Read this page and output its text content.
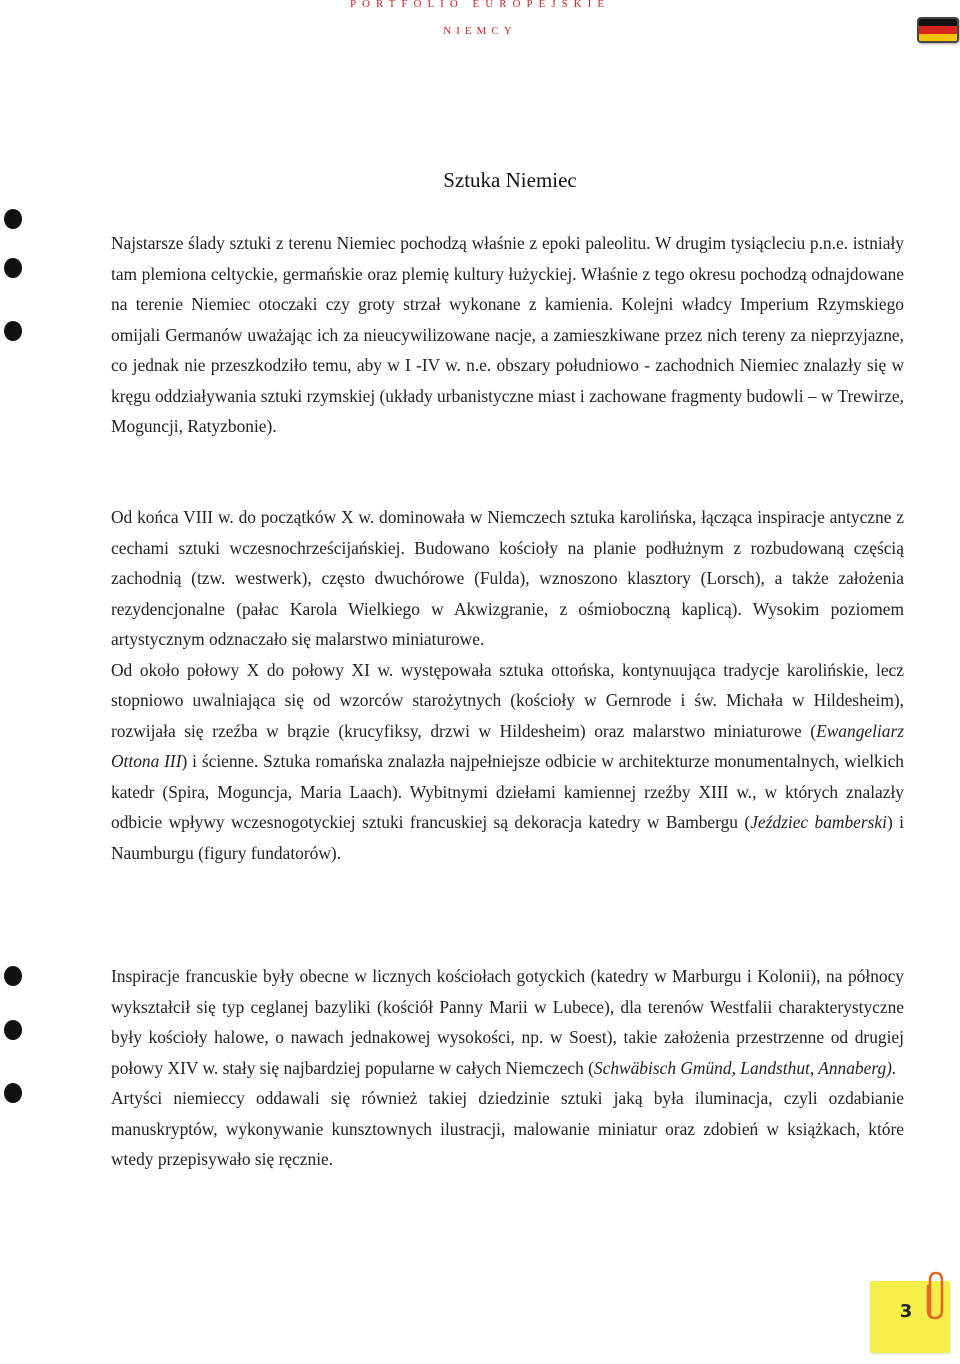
PORTFOLIO EUROPEJSKIE
NIEMCY
Sztuka Niemiec

Najstarsze ślady sztuki z terenu Niemiec pochodzą właśnie z epoki paleolitu. W drugim tysiącleciu p.n.e. istniały tam plemiona celtyckie, germańskie oraz plemię kultury łużyckiej. Właśnie z tego okresu pochodzą odnajdowane na terenie Niemiec otoczaki czy groty strzał wykonane z kamienia. Kolejni władcy Imperium Rzymskiego omijali Germanów uważając ich za nieucywilizowane nacje, a zamieszkiwane przez nich tereny za nieprzyjazne, co jednak nie przeszkodziło temu, aby w I -IV w. n.e. obszary południowo - zachodnich Niemiec znalazły się w kręgu oddziaływania sztuki rzymskiej (układy urbanistyczne miast i zachowane fragmenty budowli – w Trewirze, Moguncji, Ratyzbonie).

Od końca VIII w. do początków X w. dominowała w Niemczech sztuka karolińska, łącząca inspiracje antyczne z cechami sztuki wczesnochrześcijańskiej. Budowano kościoły na planie podłużnym z rozbudowaną częścią zachodnią (tzw. westwerk), często dwuchórowe (Fulda), wznoszono klasztory (Lorsch), a także założenia rezydencjonalne (pałac Karola Wielkiego w Akwizgranie, z ośmioboczną kaplicą). Wysokim poziomem artystycznym odznaczało się malarstwo miniaturowe.

Od około połowy X do połowy XI w. występowała sztuka ottońska, kontynuująca tradycje karolińskie, lecz stopniowo uwalniająca się od wzorców starożytnych (kościoły w Gernrode i św. Michała w Hildesheim), rozwijała się rzeźba w brązie (krucyfiksy, drzwi w Hildesheim) oraz malarstwo miniaturowe (Ewangeliarz Ottona III) i ścienne. Sztuka romańska znalazła najpełniejsze odbicie w architekturze monumentalnych, wielkich katedr (Spira, Moguncja, Maria Laach). Wybitnymi dziełami kamiennej rzeźby XIII w., w których znalazły odbicie wpływy wczesnogotyckiej sztuki francuskiej są dekoracja katedry w Bambergu (Jeździec bamberski) i Naumburgu (figury fundatorów).

Inspiracje francuskie były obecne w licznych kościołach gotyckich (katedry w Marburgu i Kolonii), na północy wykształcił się typ ceglanej bazyliki (kościół Panny Marii w Lubece), dla terenów Westfalii charakterystyczne były kościoły halowe, o nawach jednakowej wysokości, np. w Soest), takie założenia przestrzenne od drugiej połowy XIV w. stały się najbardziej popularne w całych Niemczech (Schwäbisch Gmünd, Landsthut, Annaberg).

Artyści niemieccy oddawali się również takiej dziedzinie sztuki jaką była iluminacja, czyli ozdabianie manuskryptów, wykonywanie kunsztownych ilustracji, malowanie miniatur oraz zdobień w książkach, które wtedy przepisywało się ręcznie.

3
